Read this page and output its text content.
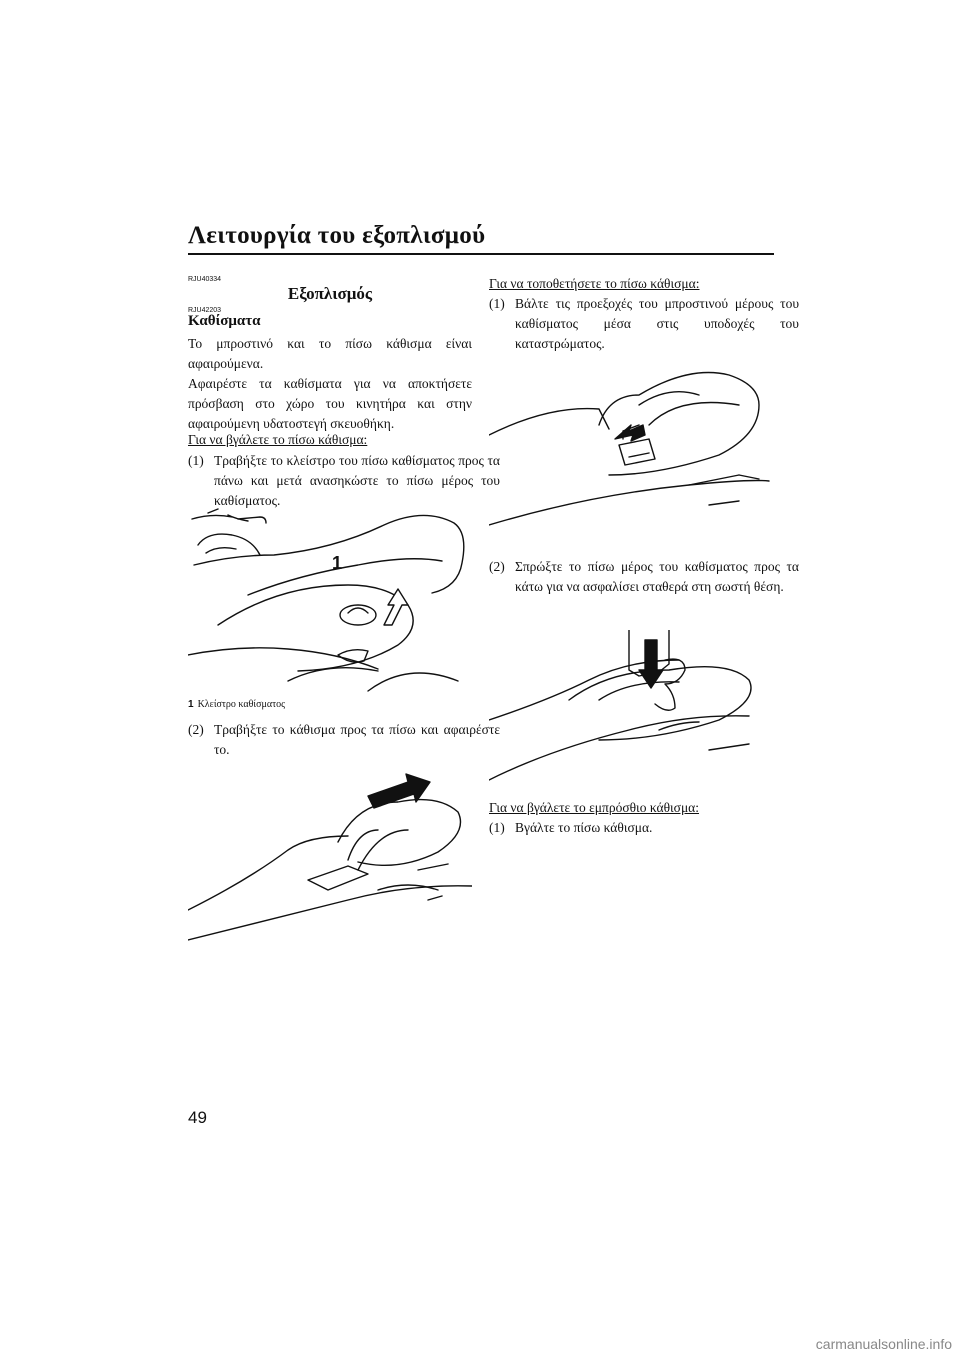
Λειτουργία του εξοπλισμού
RJU40334
Εξοπλισμός
RJU42203
Καθίσματα
Το μπροστινό και το πίσω κάθισμα είναι αφαιρούμενα.
Αφαιρέστε τα καθίσματα για να αποκτήσετε πρόσβαση στο χώρο του κινητήρα και στην αφαιρούμενη υδατοστεγή σκευοθήκη.
Για να βγάλετε το πίσω κάθισμα:
(1) Τραβήξτε το κλείστρο του πίσω καθίσματος προς τα πάνω και μετά ανασηκώστε το πίσω μέρος του καθίσματος.
1
1 Κλείστρο καθίσματος
(2) Τραβήξτε το κάθισμα προς τα πίσω και αφαιρέστε το.
Για να τοποθετήσετε το πίσω κάθισμα:
(1) Βάλτε τις προεξοχές του μπροστινού μέρους του καθίσματος μέσα στις υποδοχές του καταστρώματος.
(2) Σπρώξτε το πίσω μέρος του καθίσματος προς τα κάτω για να ασφαλίσει σταθερά στη σωστή θέση.
Για να βγάλετε το εμπρόσθιο κάθισμα:
(1) Βγάλτε το πίσω κάθισμα.
49
carmanualsonline.info
